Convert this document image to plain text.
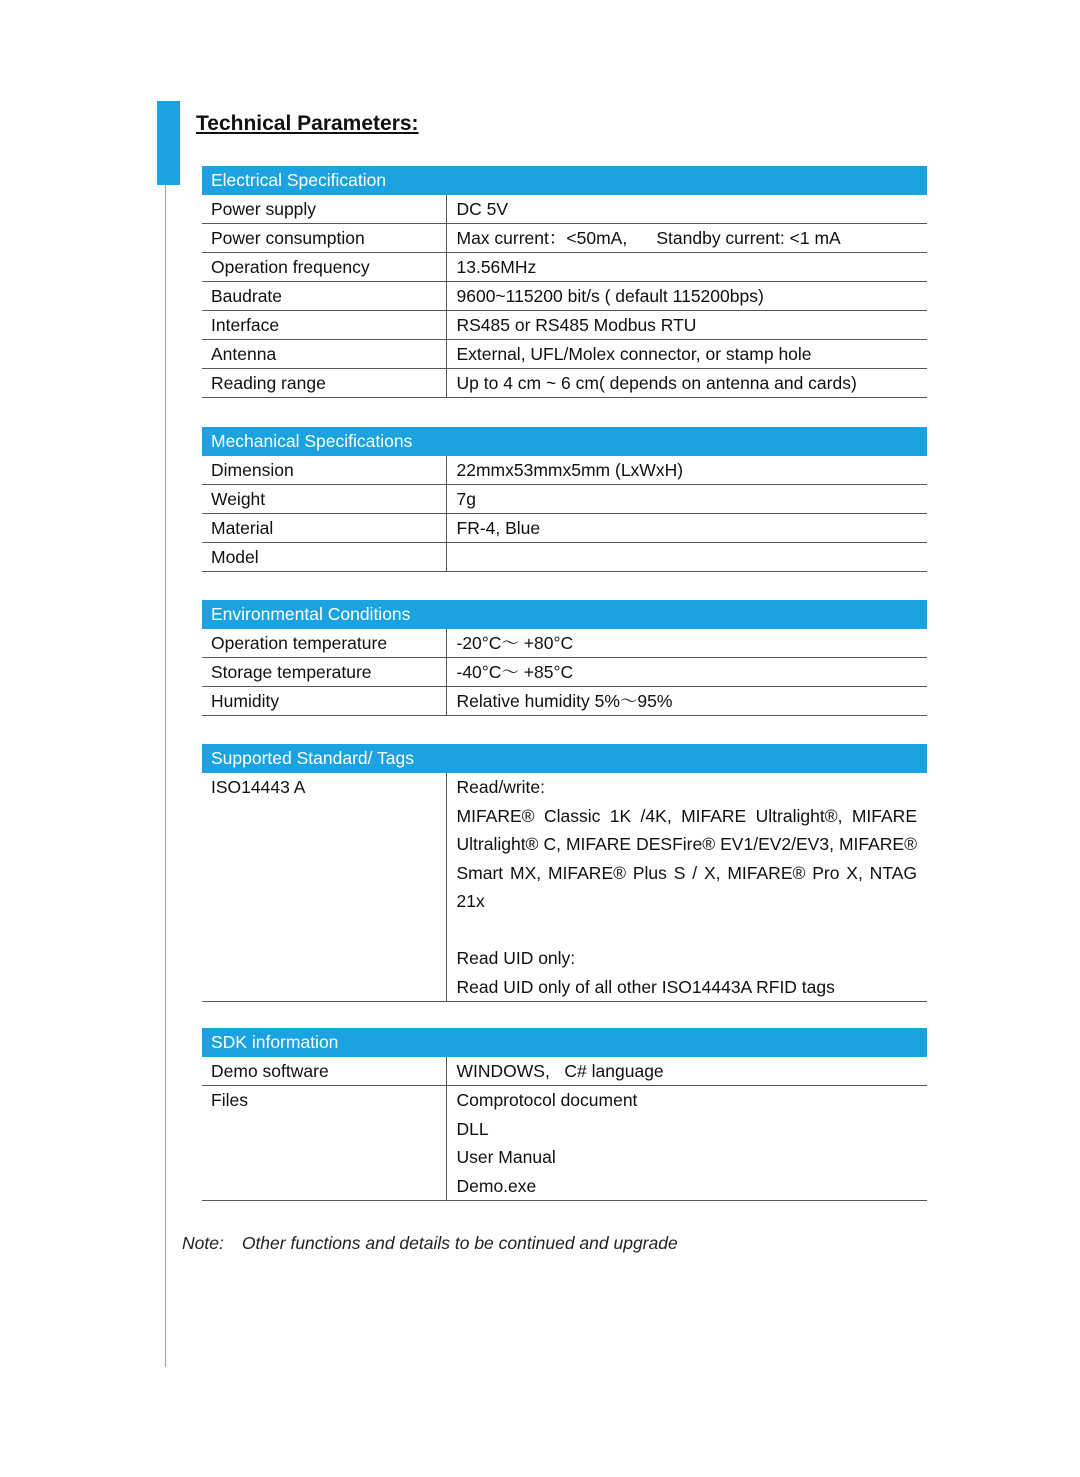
Technical Parameters:
Electrical Specification
Power supply	DC 5V
Power consumption	Max current：<50mA,      Standby current: <1 mA
Operation frequency	13.56MHz
Baudrate	9600~115200 bit/s ( default 115200bps)
Interface	RS485 or RS485 Modbus RTU
Antenna	External, UFL/Molex connector, or stamp hole
Reading range	Up to 4 cm ~ 6 cm( depends on antenna and cards)
Mechanical Specifications
Dimension	22mmx53mmx5mm (LxWxH)
Weight	7g
Material	FR-4, Blue
Model	
Environmental Conditions
Operation temperature	-20°C～ +80°C
Storage temperature	-40°C～ +85°C
Humidity	Relative humidity 5%～95%
Supported Standard/ Tags
ISO14443 A	Read/write:
MIFARE® Classic 1K /4K, MIFARE Ultralight®, MIFARE Ultralight® C, MIFARE DESFire® EV1/EV2/EV3, MIFARE® Smart MX, MIFARE® Plus S / X, MIFARE® Pro X, NTAG 21x
Read UID only:
Read UID only of all other ISO14443A RFID tags
SDK information
Demo software	WINDOWS,   C# language
Files	Comprotocol document
DLL
User Manual
Demo.exe
Note: Other functions and details to be continued and upgrade
